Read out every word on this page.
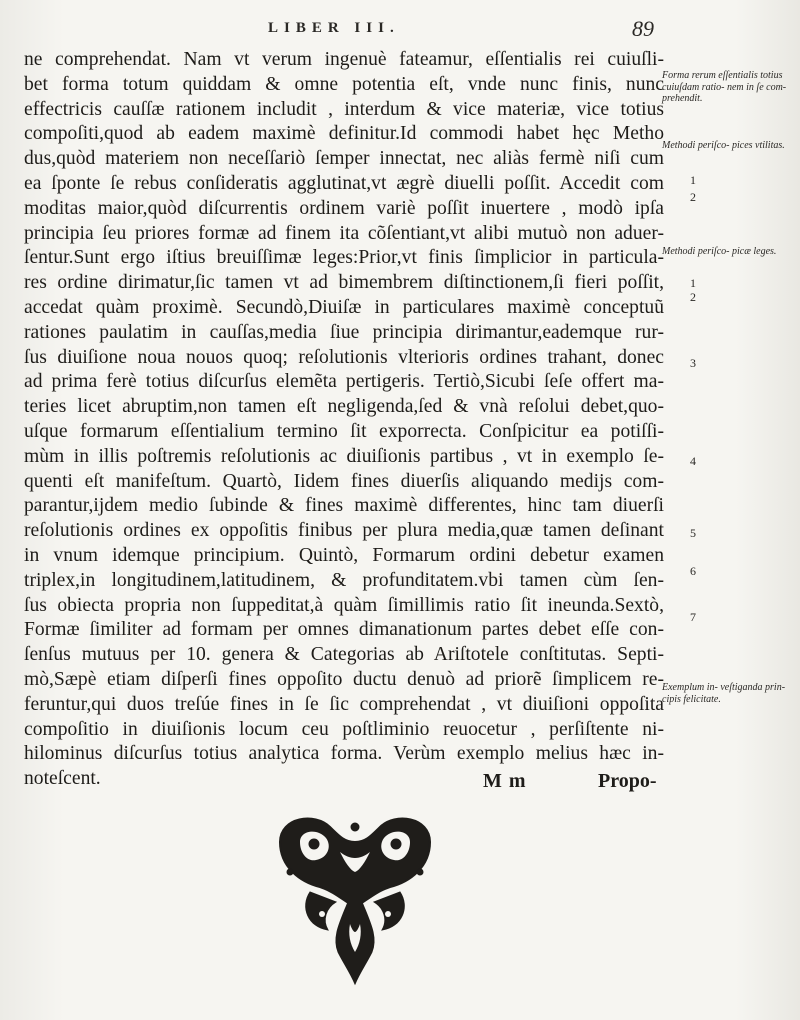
LIBER III.	89
ne comprehendat. Nam vt verum ingenuè fateamur, eſſentialis rei cuiuſli-
bet forma totum quiddam & omne potentia eſt, vnde nunc finis, nunc
effectricis cauſſæ rationem includit , interdum & vice materiæ, vice totius
compoſiti,quod ab eadem maximè definitur.Id commodi habet hęc Metho
dus,quòd materiem non neceſſariò ſemper innectat, nec aliàs fermè niſi cum
ea ſponte ſe rebus conſideratis agglutinat,vt ægrè diuelli poſſit. Accedit com
moditas maior,quòd diſcurrentis ordinem variè poſſit inuertere , modò ipſa
principia ſeu priores formæ ad finem ita cõſentiant,vt alibi mutuò non aduer-
ſentur.Sunt ergo iſtius breuiſſimæ leges:Prior,vt finis ſimplicior in particula-
res ordine dirimatur,ſic tamen vt ad bimembrem diſtinctionem,ſi fieri poſſit,
accedat quàm proximè. Secundò,Diuiſæ in particulares maximè conceptuũ
rationes paulatim in cauſſas,media ſiue principia dirimantur,eademque rur-
ſus diuiſione noua nouos quoq; reſolutionis vlterioris ordines trahant, donec
ad prima ferè totius diſcurſus elemẽta pertigeris. Tertiò,Sicubi ſeſe offert ma-
teries licet abruptim,non tamen eſt negligenda,ſed & vnà reſolui debet,quo-
uſque formarum eſſentialium termino ſit exporrecta. Conſpicitur ea potiſſi-
mùm in illis poſtremis reſolutionis ac diuiſionis partibus , vt in exemplo ſe-
quenti eſt manifeſtum. Quartò, Iidem fines diuerſis aliquando medijs com-
parantur,ijdem medio ſubinde & fines maximè differentes, hinc tam diuerſi
reſolutionis ordines ex oppoſitis finibus per plura media,quæ tamen deſinant
in vnum idemque principium. Quintò, Formarum ordini debetur examen
triplex,in longitudinem,latitudinem, & profunditatem.vbi tamen cùm ſen-
ſus obiecta propria non ſuppeditat,à quàm ſimillimis ratio ſit ineunda.Sextò,
Formæ ſimiliter ad formam per omnes dimanationum partes debet eſſe con-
ſenſus mutuus per 10. genera & Categorias ab Ariſtotele conſtitutas. Septi-
mò,Sæpè etiam diſperſi fines oppoſito ductu denuò ad priorẽ ſimplicem re-
feruntur,qui duos treſúe fines in ſe ſic comprehendat , vt diuiſioni oppoſita
compoſitio in diuiſionis locum ceu poſtliminio reuocetur , perſiſtente ni-
hilominus diſcurſus totius analytica forma. Verùm exemplo melius hæc in-
noteſcent.
Forma rerum eſſentialis totius cuiuſdam ratio- nem in ſe com- prehendit.
Methodi periſco- pices vtilitas.
1
2
Methodi periſco- picæ leges.
1
2
3
4
5
6
7
Exemplum in- veſtiganda prin- cipis felicitate.
M m	Propo-
